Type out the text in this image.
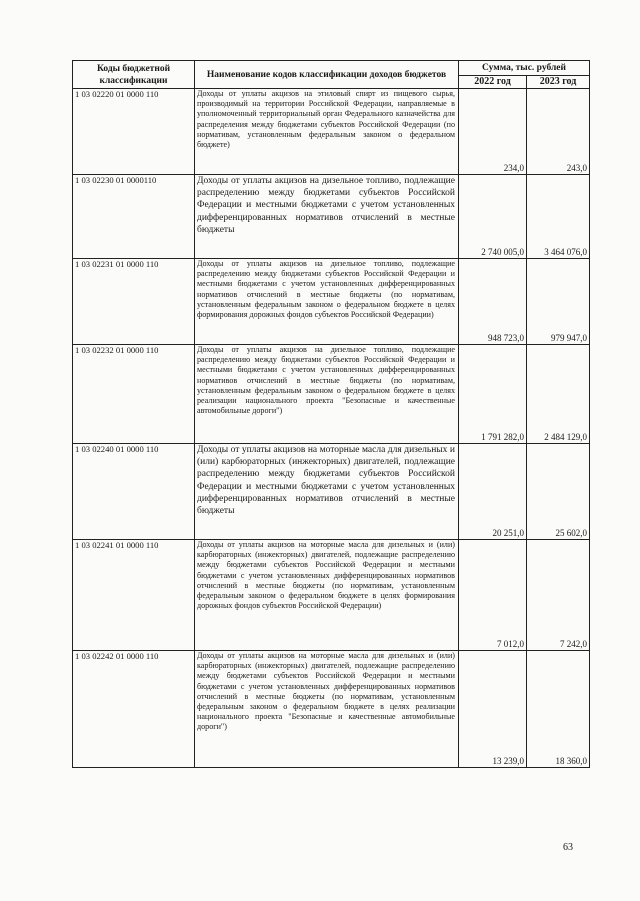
Коды бюджетной классификации	Наименование кодов классификации доходов бюджетов	Сумма, тыс. рублей	
		2022 год	2023 год
1 03 02220 01 0000 110	Доходы от уплаты акцизов на этиловый спирт из пищевого сырья, производимый на территории Российской Федерации, направляемые в уполномоченный территориальный орган Федерального казначейства для распределения между бюджетами субъектов Российской Федерации (по нормативам, установленным федеральным законом о федеральном бюджете)	234,0	243,0
1 03 02230 01 0000110	Доходы от уплаты акцизов на дизельное топливо, подлежащие распределению между бюджетами субъектов Российской Федерации и местными бюджетами с учетом установленных дифференцированных нормативов отчислений в местные бюджеты	2 740 005,0	3 464 076,0
1 03 02231 01 0000 110	Доходы от уплаты акцизов на дизельное топливо, подлежащие распределению между бюджетами субъектов Российской Федерации и местными бюджетами с учетом установленных дифференцированных нормативов отчислений в местные бюджеты (по нормативам, установленным федеральным законом о федеральном бюджете в целях формирования дорожных фондов субъектов Российской Федерации)	948 723,0	979 947,0
1 03 02232 01 0000 110	Доходы от уплаты акцизов на дизельное топливо, подлежащие распределению между бюджетами субъектов Российской Федерации и местными бюджетами с учетом установленных дифференцированных нормативов отчислений в местные бюджеты (по нормативам, установленным федеральным законом о федеральном бюджете в целях реализации национального проекта "Безопасные и качественные автомобильные дороги")	1 791 282,0	2 484 129,0
1 03 02240 01 0000 110	Доходы от уплаты акцизов на моторные масла для дизельных и (или) карбюраторных (инжекторных) двигателей, подлежащие распределению между бюджетами субъектов Российской Федерации и местными бюджетами с учетом установленных дифференцированных нормативов отчислений в местные бюджеты	20 251,0	25 602,0
1 03 02241 01 0000 110	Доходы от уплаты акцизов на моторные масла для дизельных и (или) карбюраторных (инжекторных) двигателей, подлежащие распределению между бюджетами субъектов Российской Федерации и местными бюджетами с учетом установленных дифференцированных нормативов отчислений в местные бюджеты (по нормативам, установленным федеральным законом о федеральном бюджете в целях формирования дорожных фондов субъектов Российской Федерации)	7 012,0	7 242,0
1 03 02242 01 0000 110	Доходы от уплаты акцизов на моторные масла для дизельных и (или) карбюраторных (инжекторных) двигателей, подлежащие распределению между бюджетами субъектов Российской Федерации и местными бюджетами с учетом установленных дифференцированных нормативов отчислений в местные бюджеты (по нормативам, установленным федеральным законом о федеральном бюджете в целях реализации национального проекта "Безопасные и качественные автомобильные дороги")	13 239,0	18 360,0
63
